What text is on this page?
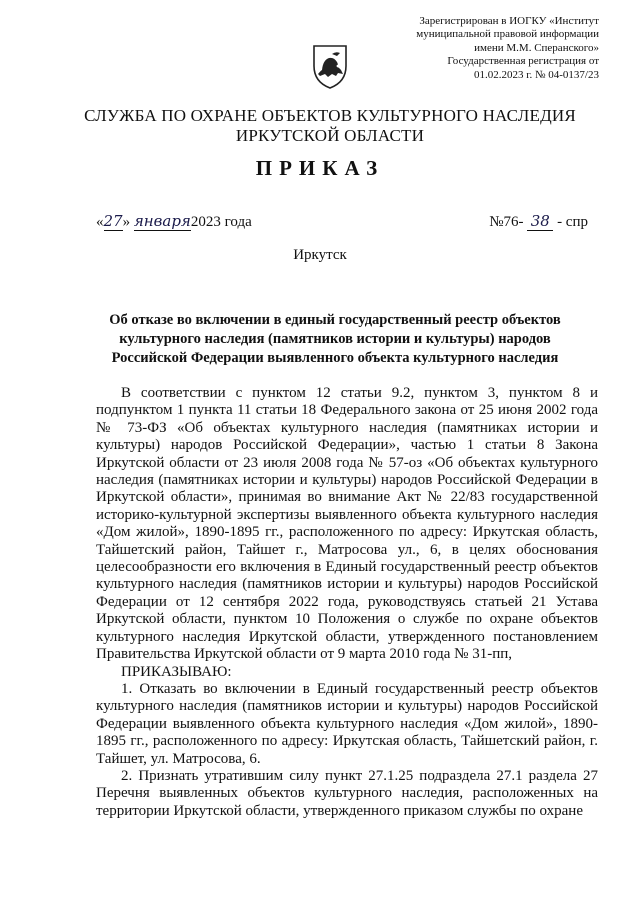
Зарегистрирован в ИОГКУ «Институт
муниципальной правовой информации
имени М.М. Сперанского»
Государственная регистрация от
01.02.2023 г. № 04-0137/23
СЛУЖБА ПО ОХРАНЕ ОБЪЕКТОВ КУЛЬТУРНОГО НАСЛЕДИЯ
ИРКУТСКОЙ ОБЛАСТИ
ПРИКАЗ
«27» января2023 года	№76- 38 - спр
Иркутск
Об отказе во включении в единый государственный реестр объектов
культурного наследия (памятников истории и культуры) народов
Российской Федерации выявленного объекта культурного наследия

В соответствии с пунктом 12 статьи 9.2, пунктом 3, пунктом 8 и подпунктом 1 пункта 11 статьи 18 Федерального закона от 25 июня 2002 года № 73-ФЗ «Об объектах культурного наследия (памятниках истории и культуры) народов Российской Федерации», частью 1 статьи 8 Закона Иркутской области от 23 июля 2008 года № 57-оз «Об объектах культурного наследия (памятниках истории и культуры) народов Российской Федерации в Иркутской области», принимая во внимание Акт № 22/83 государственной историко-культурной экспертизы выявленного объекта культурного наследия «Дом жилой», 1890-1895 гг., расположенного по адресу: Иркутская область, Тайшетский район, Тайшет г., Матросова ул., 6, в целях обоснования целесообразности его включения в Единый государственный реестр объектов культурного наследия (памятников истории и культуры) народов Российской Федерации от 12 сентября 2022 года, руководствуясь статьей 21 Устава Иркутской области, пунктом 10 Положения о службе по охране объектов культурного наследия Иркутской области, утвержденного постановлением Правительства Иркутской области от 9 марта 2010 года № 31-пп,

ПРИКАЗЫВАЮ:

1. Отказать во включении в Единый государственный реестр объектов культурного наследия (памятников истории и культуры) народов Российской Федерации выявленного объекта культурного наследия «Дом жилой», 1890-1895 гг., расположенного по адресу: Иркутская область, Тайшетский район, г. Тайшет, ул. Матросова, 6.

2. Признать утратившим силу пункт 27.1.25 подраздела 27.1 раздела 27 Перечня выявленных объектов культурного наследия, расположенных на территории Иркутской области, утвержденного приказом службы по охране
